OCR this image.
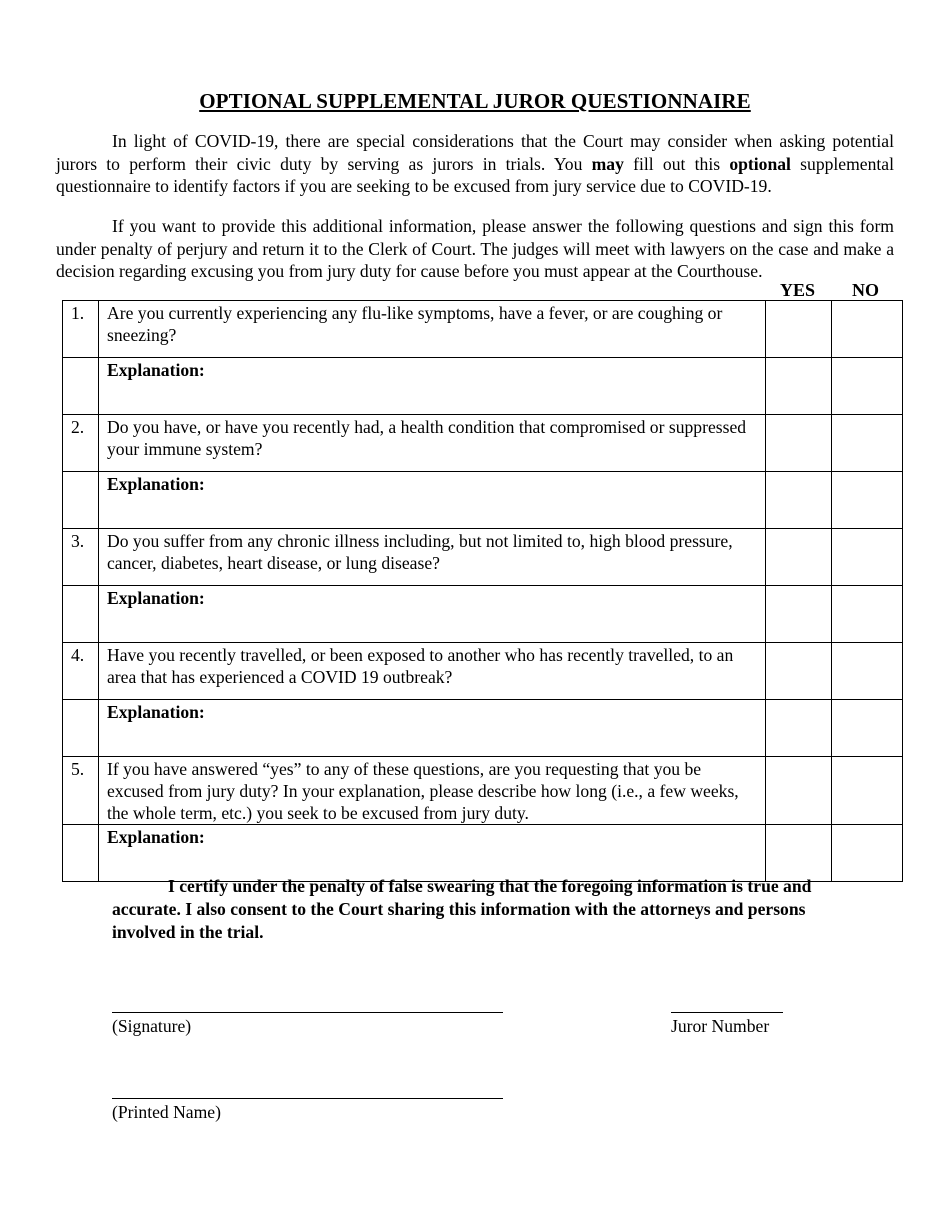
OPTIONAL SUPPLEMENTAL JUROR QUESTIONNAIRE
In light of COVID-19, there are special considerations that the Court may consider when asking potential jurors to perform their civic duty by serving as jurors in trials. You may fill out this optional supplemental questionnaire to identify factors if you are seeking to be excused from jury service due to COVID-19.
If you want to provide this additional information, please answer the following questions and sign this form under penalty of perjury and return it to the Clerk of Court. The judges will meet with lawyers on the case and make a decision regarding excusing you from jury duty for cause before you must appear at the Courthouse.
YES NO
1.	Are you currently experiencing any flu-like symptoms, have a fever, or are coughing or sneezing?		
	Explanation:		
2.	Do you have, or have you recently had, a health condition that compromised or suppressed your immune system?		
	Explanation:		
3.	Do you suffer from any chronic illness including, but not limited to, high blood pressure, cancer, diabetes, heart disease, or lung disease?		
	Explanation:		
4.	Have you recently travelled, or been exposed to another who has recently travelled, to an area that has experienced a COVID 19 outbreak?		
	Explanation:		
5.	If you have answered “yes” to any of these questions, are you requesting that you be excused from jury duty? In your explanation, please describe how long (i.e., a few weeks, the whole term, etc.) you seek to be excused from jury duty.		
	Explanation:		
I certify under the penalty of false swearing that the foregoing information is true and accurate. I also consent to the Court sharing this information with the attorneys and persons involved in the trial.
(Signature)	Juror Number
(Printed Name)
